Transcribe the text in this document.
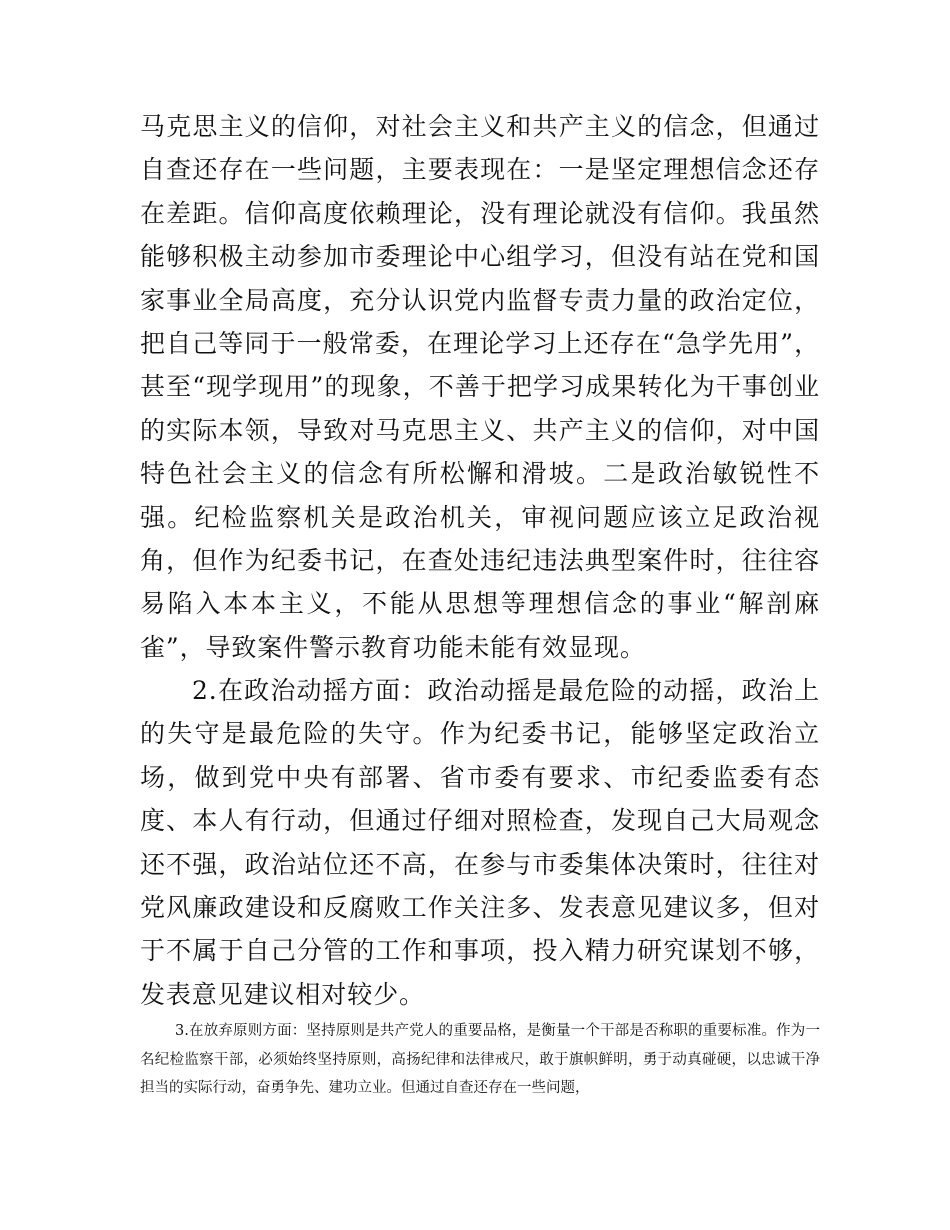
马克思主义的信仰，对社会主义和共产主义的信念，但通过自查还存在一些问题，主要表现在：一是坚定理想信念还存在差距。信仰高度依赖理论，没有理论就没有信仰。我虽然能够积极主动参加市委理论中心组学习，但没有站在党和国家事业全局高度，充分认识党内监督专责力量的政治定位，把自己等同于一般常委，在理论学习上还存在“急学先用”，甚至“现学现用”的现象，不善于把学习成果转化为干事创业的实际本领，导致对马克思主义、共产主义的信仰，对中国特色社会主义的信念有所松懈和滑坡。二是政治敏锐性不强。纪检监察机关是政治机关，审视问题应该立足政治视角，但作为纪委书记，在查处违纪违法典型案件时，往往容易陷入本本主义，不能从思想等理想信念的事业“解剖麻雀”，导致案件警示教育功能未能有效显现。

2.在政治动摇方面：政治动摇是最危险的动摇，政治上的失守是最危险的失守。作为纪委书记，能够坚定政治立场，做到党中央有部署、省市委有要求、市纪委监委有态度、本人有行动，但通过仔细对照检查，发现自己大局观念还不强，政治站位还不高，在参与市委集体决策时，往往对党风廉政建设和反腐败工作关注多、发表意见建议多，但对于不属于自己分管的工作和事项，投入精力研究谋划不够，发表意见建议相对较少。

3.在放弃原则方面：坚持原则是共产党人的重要品格，是衡量一个干部是否称职的重要标准。作为一名纪检监察干部，必须始终坚持原则，高扬纪律和法律戒尺，敢于旗帜鲜明，勇于动真碰硬，以忠诚干净担当的实际行动，奋勇争先、建功立业。但通过自查还存在一些问题，
